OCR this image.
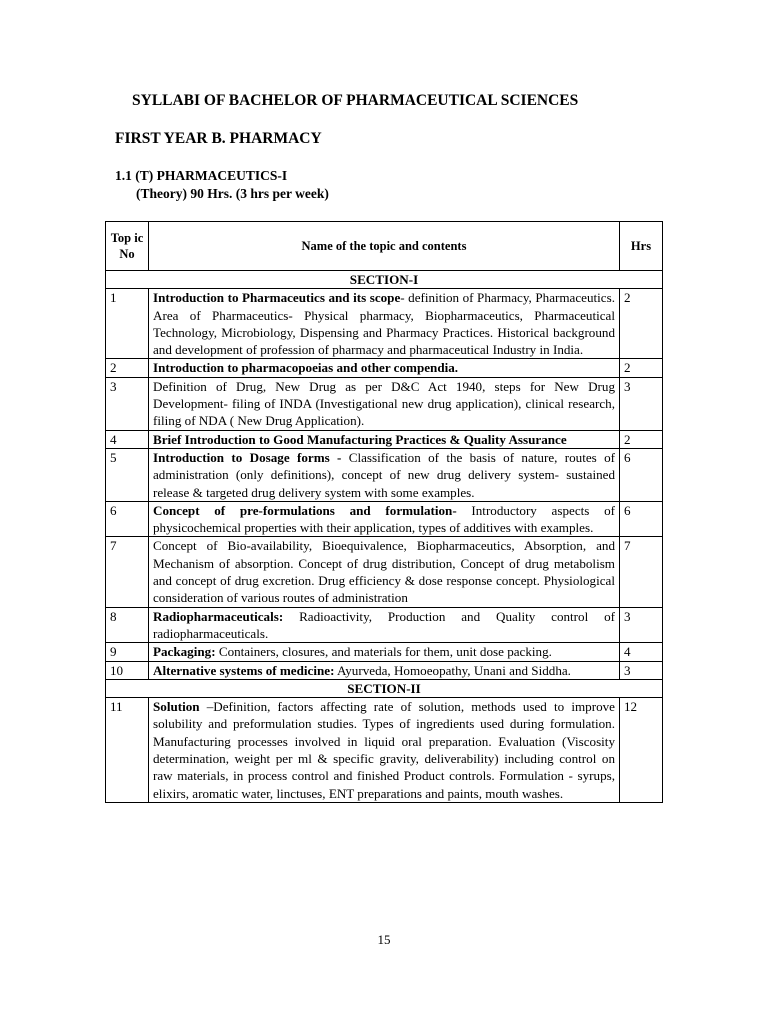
SYLLABI OF BACHELOR OF PHARMACEUTICAL SCIENCES
FIRST YEAR B. PHARMACY
1.1 (T) PHARMACEUTICS-I
(Theory) 90 Hrs. (3 hrs per week)
Top ic No	Name of the topic and contents	Hrs
SECTION-I		
1	Introduction to Pharmaceutics and its scope- definition of Pharmacy, Pharmaceutics. Area of Pharmaceutics- Physical pharmacy, Biopharmaceutics, Pharmaceutical Technology, Microbiology, Dispensing and Pharmacy Practices. Historical background and development of profession of pharmacy and pharmaceutical Industry in India.	2
2	Introduction to pharmacopoeias and other compendia.	2
3	Definition of Drug, New Drug as per D&C Act 1940, steps for New Drug Development- filing of INDA (Investigational new drug application), clinical research, filing of NDA ( New Drug Application).	3
4	Brief Introduction to Good Manufacturing Practices & Quality Assurance	2
5	Introduction to Dosage forms - Classification of the basis of nature, routes of administration (only definitions), concept of new drug delivery system- sustained release & targeted drug delivery system with some examples.	6
6	Concept of pre-formulations and formulation- Introductory aspects of physicochemical properties with their application, types of additives with examples.	6
7	Concept of Bio-availability, Bioequivalence, Biopharmaceutics, Absorption, and Mechanism of absorption. Concept of drug distribution, Concept of drug metabolism and concept of drug excretion. Drug efficiency & dose response concept. Physiological consideration of various routes of administration	7
8	Radiopharmaceuticals: Radioactivity, Production and Quality control of radiopharmaceuticals.	3
9	Packaging: Containers, closures, and materials for them, unit dose packing.	4
10	Alternative systems of medicine: Ayurveda, Homoeopathy, Unani and Siddha.	3
SECTION-II		
11	Solution –Definition, factors affecting rate of solution, methods used to improve solubility and preformulation studies. Types of ingredients used during formulation. Manufacturing processes involved in liquid oral preparation. Evaluation (Viscosity determination, weight per ml & specific gravity, deliverability) including control on raw materials, in process control and finished Product controls. Formulation - syrups, elixirs, aromatic water, linctuses, ENT preparations and paints, mouth washes.	12
15
